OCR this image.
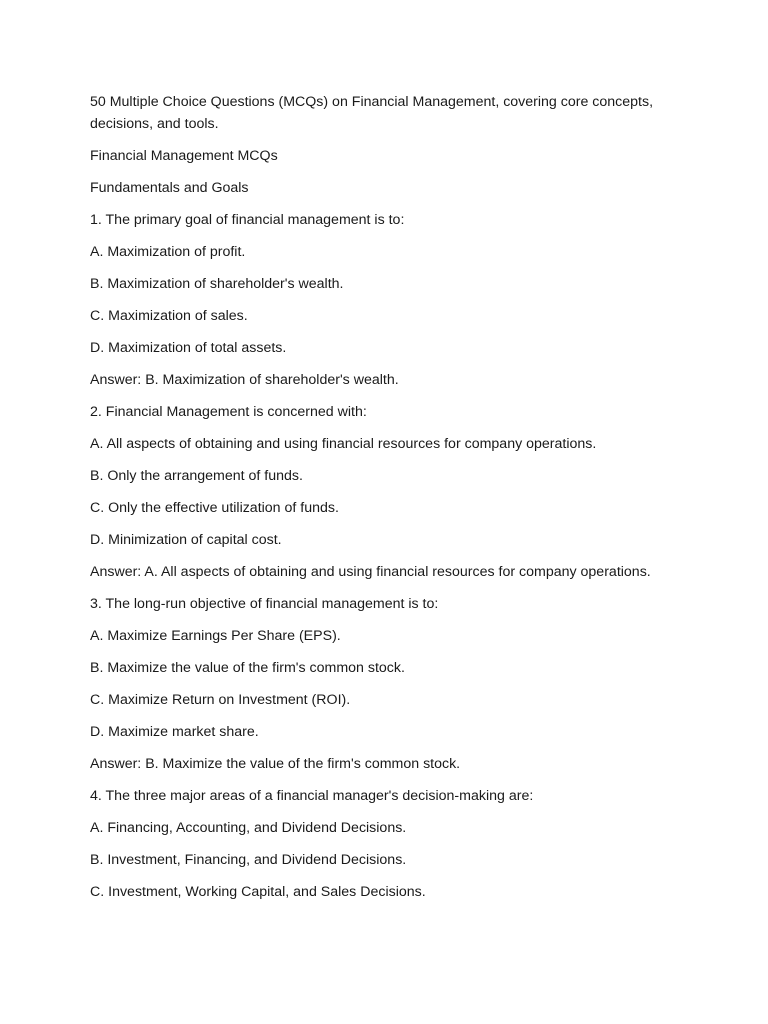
50 Multiple Choice Questions (MCQs) on Financial Management, covering core concepts, decisions, and tools.

Financial Management MCQs

Fundamentals and Goals

1. The primary goal of financial management is to:

A. Maximization of profit.

B. Maximization of shareholder's wealth.

C. Maximization of sales.

D. Maximization of total assets.

Answer: B. Maximization of shareholder's wealth.

2. Financial Management is concerned with:

A. All aspects of obtaining and using financial resources for company operations.

B. Only the arrangement of funds.

C. Only the effective utilization of funds.

D. Minimization of capital cost.

Answer: A. All aspects of obtaining and using financial resources for company operations.

3. The long-run objective of financial management is to:

A. Maximize Earnings Per Share (EPS).

B. Maximize the value of the firm's common stock.

C. Maximize Return on Investment (ROI).

D. Maximize market share.

Answer: B. Maximize the value of the firm's common stock.

4. The three major areas of a financial manager's decision-making are:

A. Financing, Accounting, and Dividend Decisions.

B. Investment, Financing, and Dividend Decisions.

C. Investment, Working Capital, and Sales Decisions.
